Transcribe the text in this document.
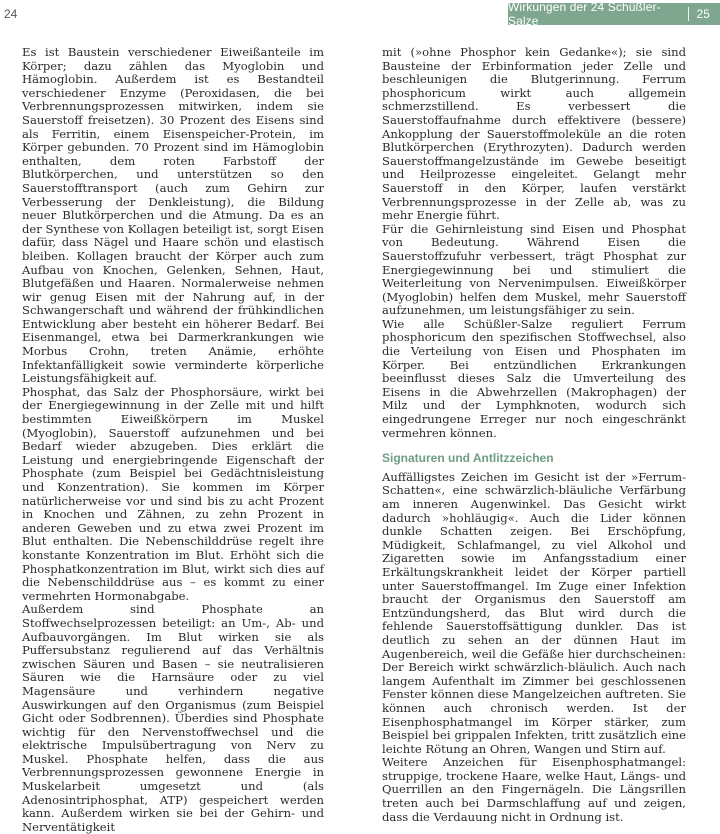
24	Wirkungen der 24 Schüßler-Salze	25

Es ist Baustein verschiedener Eiweißanteile im Körper; dazu zählen das Myoglobin und Hämoglobin. Außerdem ist es Bestandteil verschiedener Enzyme (Peroxidasen, die bei Verbrennungsprozessen mitwirken, indem sie Sauerstoff freisetzen). 30 Prozent des Eisens sind als Ferritin, einem Eisenspeicher-Protein, im Körper gebunden. 70 Prozent sind im Hämoglobin enthalten, dem roten Farbstoff der Blutkörperchen, und unterstützen so den Sauerstofftransport (auch zum Gehirn zur Verbesserung der Denkleistung), die Bildung neuer Blutkörperchen und die Atmung. Da es an der Synthese von Kollagen beteiligt ist, sorgt Eisen dafür, dass Nägel und Haare schön und elastisch bleiben. Kollagen braucht der Körper auch zum Aufbau von Knochen, Gelenken, Sehnen, Haut, Blutgefäßen und Haaren. Normalerweise nehmen wir genug Eisen mit der Nahrung auf, in der Schwangerschaft und während der frühkindlichen Entwicklung aber besteht ein höherer Bedarf. Bei Eisenmangel, etwa bei Darmerkrankungen wie Morbus Crohn, treten Anämie, erhöhte Infektanfälligkeit sowie verminderte körperliche Leistungsfähigkeit auf.

Phosphat, das Salz der Phosphorsäure, wirkt bei der Energiegewinnung in der Zelle mit und hilft bestimmten Eiweißkörpern im Muskel (Myoglobin), Sauerstoff aufzunehmen und bei Bedarf wieder abzugeben. Dies erklärt die Leistung und energiebringende Eigenschaft der Phosphate (zum Beispiel bei Gedächtnisleistung und Konzentration). Sie kommen im Körper natürlicherweise vor und sind bis zu acht Prozent in Knochen und Zähnen, zu zehn Prozent in anderen Geweben und zu etwa zwei Prozent im Blut enthalten. Die Nebenschilddrüse regelt ihre konstante Konzentration im Blut. Erhöht sich die Phosphatkonzentration im Blut, wirkt sich dies auf die Nebenschilddrüse aus – es kommt zu einer vermehrten Hormonabgabe.

Außerdem sind Phosphate an Stoffwechselprozessen beteiligt: an Um-, Ab- und Aufbauvorgängen. Im Blut wirken sie als Puffersubstanz regulierend auf das Verhältnis zwischen Säuren und Basen – sie neutralisieren Säuren wie die Harnsäure oder zu viel Magensäure und verhindern negative Auswirkungen auf den Organismus (zum Beispiel Gicht oder Sodbrennen). Überdies sind Phosphate wichtig für den Nervenstoffwechsel und die elektrische Impulsübertragung von Nerv zu Muskel. Phosphate helfen, dass die aus Verbrennungsprozessen gewonnene Energie in Muskelarbeit umgesetzt und (als Adenosintriphosphat, ATP) gespeichert werden kann. Außerdem wirken sie bei der Gehirn- und Nerventätigkeit

mit (»ohne Phosphor kein Gedanke«); sie sind Bausteine der Erbinformation jeder Zelle und beschleunigen die Blutgerinnung. Ferrum phosphoricum wirkt auch allgemein schmerzstillend. Es verbessert die Sauerstoffaufnahme durch effektivere (bessere) Ankopplung der Sauerstoffmoleküle an die roten Blutkörperchen (Erythrozyten). Dadurch werden Sauerstoffmangelzustände im Gewebe beseitigt und Heilprozesse eingeleitet. Gelangt mehr Sauerstoff in den Körper, laufen verstärkt Verbrennungsprozesse in der Zelle ab, was zu mehr Energie führt.

Für die Gehirnleistung sind Eisen und Phosphat von Bedeutung. Während Eisen die Sauerstoffzufuhr verbessert, trägt Phosphat zur Energiegewinnung bei und stimuliert die Weiterleitung von Nervenimpulsen. Eiweißkörper (Myoglobin) helfen dem Muskel, mehr Sauerstoff aufzunehmen, um leistungsfähiger zu sein.

Wie alle Schüßler-Salze reguliert Ferrum phosphoricum den spezifischen Stoffwechsel, also die Verteilung von Eisen und Phosphaten im Körper. Bei entzündlichen Erkrankungen beeinflusst dieses Salz die Umverteilung des Eisens in die Abwehrzellen (Makrophagen) der Milz und der Lymphknoten, wodurch sich eingedrungene Erreger nur noch eingeschränkt vermehren können.

Signaturen und Antlitzzeichen

Auffälligstes Zeichen im Gesicht ist der »Ferrum-Schatten«, eine schwärzlich-bläuliche Verfärbung am inneren Augenwinkel. Das Gesicht wirkt dadurch »hohläugig«. Auch die Lider können dunkle Schatten zeigen. Bei Erschöpfung, Müdigkeit, Schlafmangel, zu viel Alkohol und Zigaretten sowie im Anfangsstadium einer Erkältungskrankheit leidet der Körper partiell unter Sauerstoffmangel. Im Zuge einer Infektion braucht der Organismus den Sauerstoff am Entzündungsherd, das Blut wird durch die fehlende Sauerstoffsättigung dunkler. Das ist deutlich zu sehen an der dünnen Haut im Augenbereich, weil die Gefäße hier durchscheinen: Der Bereich wirkt schwärzlich-bläulich. Auch nach langem Aufenthalt im Zimmer bei geschlossenen Fenster können diese Mangelzeichen auftreten. Sie können auch chronisch werden. Ist der Eisenphosphatmangel im Körper stärker, zum Beispiel bei grippalen Infekten, tritt zusätzlich eine leichte Rötung an Ohren, Wangen und Stirn auf.

Weitere Anzeichen für Eisenphosphatmangel: struppige, trockene Haare, welke Haut, Längs- und Querrillen an den Fingernägeln. Die Längsrillen treten auch bei Darmschlaffung auf und zeigen, dass die Verdauung nicht in Ordnung ist.
